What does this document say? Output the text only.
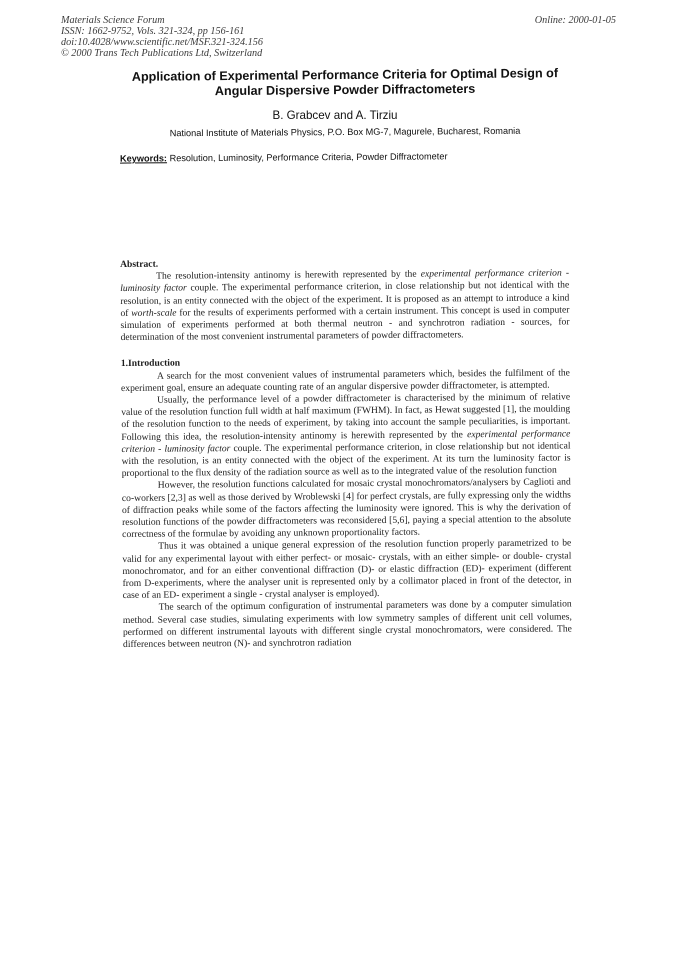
Materials Science Forum
ISSN: 1662-9752, Vols. 321-324, pp 156-161
doi:10.4028/www.scientific.net/MSF.321-324.156
© 2000 Trans Tech Publications Ltd, Switzerland
Online: 2000-01-05
Application of Experimental Performance Criteria for Optimal Design of
Angular Dispersive Powder Diffractometers
B. Grabcev and A. Tirziu
National Institute of Materials Physics, P.O. Box MG-7, Magurele, Bucharest, Romania
Keywords: Resolution, Luminosity, Performance Criteria, Powder Diffractometer

Abstract.

The resolution-intensity antinomy is herewith represented by the experimental performance criterion - luminosity factor couple. The experimental performance criterion, in close relationship but not identical with the resolution, is an entity connected with the object of the experiment. It is proposed as an attempt to introduce a kind of worth-scale for the results of experiments performed with a certain instrument. This concept is used in computer simulation of experiments performed at both thermal neutron - and synchrotron radiation - sources, for determination of the most convenient instrumental parameters of powder diffractometers.

1.Introduction

A search for the most convenient values of instrumental parameters which, besides the fulfilment of the experiment goal, ensure an adequate counting rate of an angular dispersive powder diffractometer, is attempted.

Usually, the performance level of a powder diffractometer is characterised by the minimum of relative value of the resolution function full width at half maximum (FWHM). In fact, as Hewat suggested [1], the moulding of the resolution function to the needs of experiment, by taking into account the sample peculiarities, is important. Following this idea, the resolution-intensity antinomy is herewith represented by the experimental performance criterion - luminosity factor couple. The experimental performance criterion, in close relationship but not identical with the resolution, is an entity connected with the object of the experiment. At its turn the luminosity factor is proportional to the flux density of the radiation source as well as to the integrated value of the resolution function

However, the resolution functions calculated for mosaic crystal monochromators/analysers by Caglioti and co-workers [2,3] as well as those derived by Wroblewski [4] for perfect crystals, are fully expressing only the widths of diffraction peaks while some of the factors affecting the luminosity were ignored. This is why the derivation of resolution functions of the powder diffractometers was reconsidered [5,6], paying a special attention to the absolute correctness of the formulae by avoiding any unknown proportionality factors.

Thus it was obtained a unique general expression of the resolution function properly parametrized to be valid for any experimental layout with either perfect- or mosaic- crystals, with an either simple- or double- crystal monochromator, and for an either conventional diffraction (D)- or elastic diffraction (ED)- experiment (different from D-experiments, where the analyser unit is represented only by a collimator placed in front of the detector, in case of an ED- experiment a single - crystal analyser is employed).

The search of the optimum configuration of instrumental parameters was done by a computer simulation method. Several case studies, simulating experiments with low symmetry samples of different unit cell volumes, performed on different instrumental layouts with different single crystal monochromators, were considered. The differences between neutron (N)- and synchrotron radiation
